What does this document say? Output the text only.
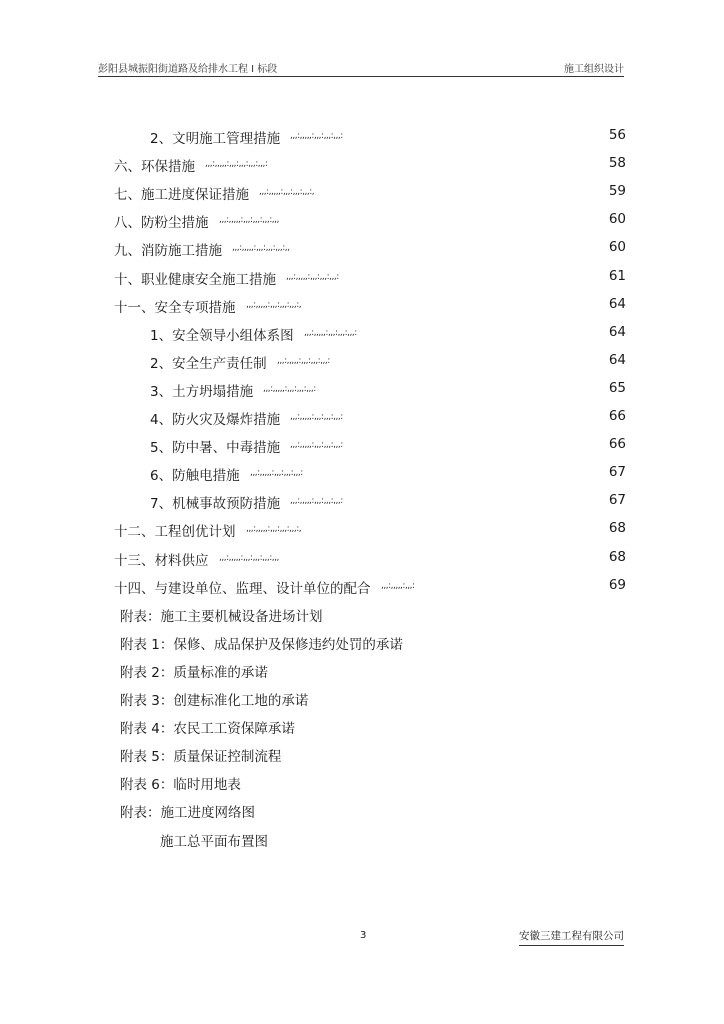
彭阳县城振阳街道路及给排水工程 I 标段	施工组织设计
2、文明施工管理措施 ,,,:,,,,,:,,,:,,,:,,,:	56
六、环保措施 ,,,:,,,,,:,,,:,,,:,,,:,,,:	58
七、施工进度保证措施 ,,,:,,,,,:,,,:,,,:,,,:,	59
八、防粉尘措施 ,,,:,,,,,:,,,:,,,:,,,:,,,	60
九、消防施工措施 ,,,:,,,,,:,,,:,,,:,,,:,,	60
十、职业健康安全施工措施 ,,,:,,,,,:,,,:,,,:,,,:	61
十一、安全专项措施 ,,,:,,,,,:,,,:,,,:,,,:,	64
1、安全领导小组体系图 ,,,:,,,,,:,,,:,,,:,,,:	64
2、安全生产责任制 ,,,:,,,,,:,,,:,,,:,,,:	64
3、土方坍塌措施 ,,,:,,,,,:,,,:,,,:,,,:	65
4、防火灾及爆炸措施 ,,,:,,,,,:,,,:,,,:,,,:	66
5、防中暑、中毒措施 ,,,:,,,,,:,,,:,,,:,,,:	66
6、防触电措施 ,,,:,,,,,:,,,:,,,:,,,:	67
7、机械事故预防措施 ,,,:,,,,,:,,,:,,,:,,,:	67
十二、工程创优计划 ,,,:,,,,,:,,,:,,,:,,,:,	68
十三、材料供应 ,,,:,,,,,:,,,:,,,:,,,:,,,	68
十四、与建设单位、监理、设计单位的配合 ,,,:,,,,,:,,,:	69
附表：施工主要机械设备进场计划
附表 1：保修、成品保护及保修违约处罚的承诺
附表 2：质量标准的承诺
附表 3：创建标准化工地的承诺
附表 4：农民工工资保障承诺
附表 5：质量保证控制流程
附表 6：临时用地表
附表：施工进度网络图
施工总平面布置图
3	安徽三建工程有限公司
